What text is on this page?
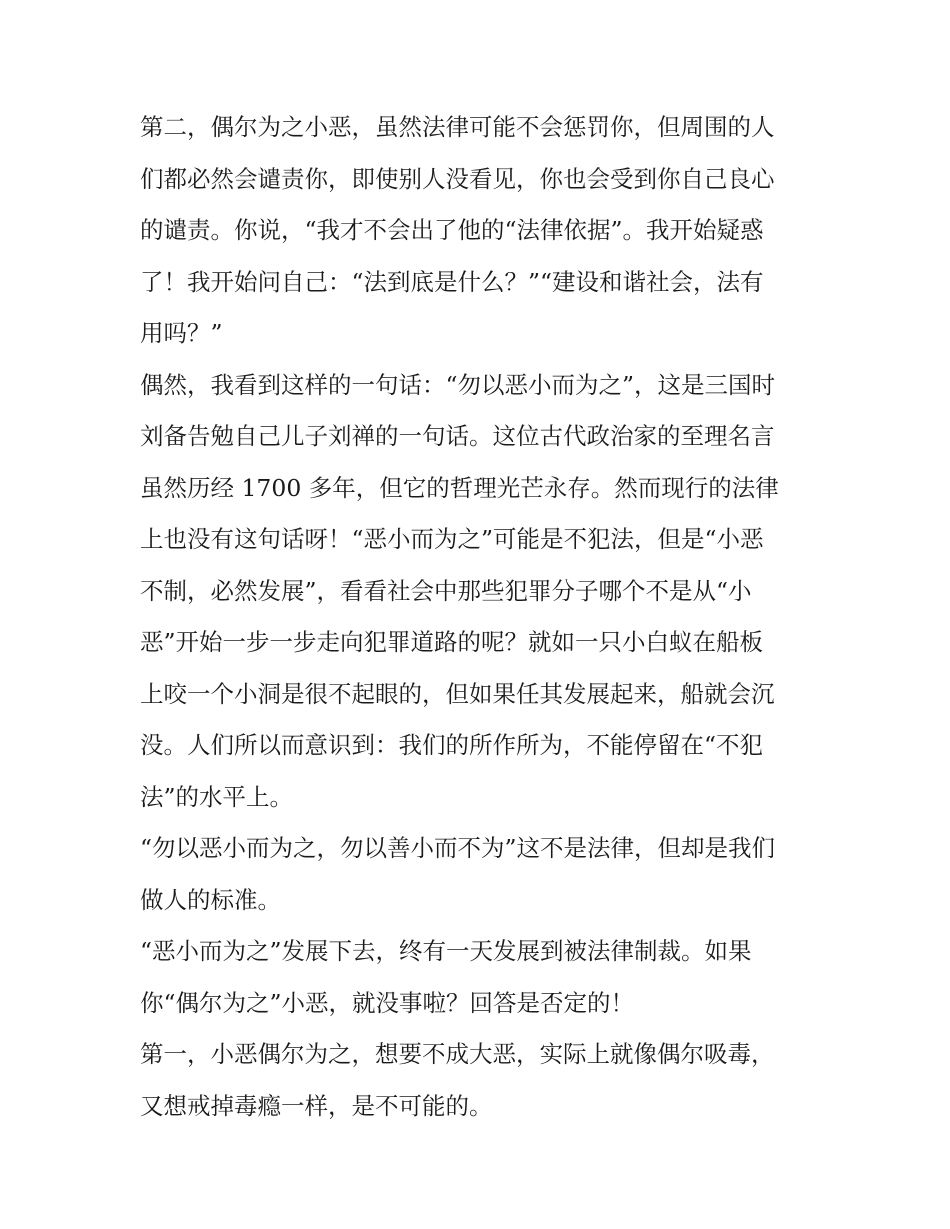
第二，偶尔为之小恶，虽然法律可能不会惩罚你，但周围的人
们都必然会谴责你，即使别人没看见，你也会受到你自己良心
的谴责。你说，“我才不会出了他的“法律依据”。我开始疑惑
了！我开始问自己：“法到底是什么？”“建设和谐社会，法有
用吗？”

偶然，我看到这样的一句话：“勿以恶小而为之”，这是三国时
刘备告勉自己儿子刘禅的一句话。这位古代政治家的至理名言
虽然历经 1700 多年，但它的哲理光芒永存。然而现行的法律
上也没有这句话呀！“恶小而为之”可能是不犯法，但是“小恶
不制，必然发展”，看看社会中那些犯罪分子哪个不是从“小
恶”开始一步一步走向犯罪道路的呢？就如一只小白蚁在船板
上咬一个小洞是很不起眼的，但如果任其发展起来，船就会沉
没。人们所以而意识到：我们的所作所为，不能停留在“不犯
法”的水平上。

“勿以恶小而为之，勿以善小而不为”这不是法律，但却是我们
做人的标准。

“恶小而为之”发展下去，终有一天发展到被法律制裁。如果
你“偶尔为之”小恶，就没事啦？回答是否定的！

第一，小恶偶尔为之，想要不成大恶，实际上就像偶尔吸毒，
又想戒掉毒瘾一样，是不可能的。
